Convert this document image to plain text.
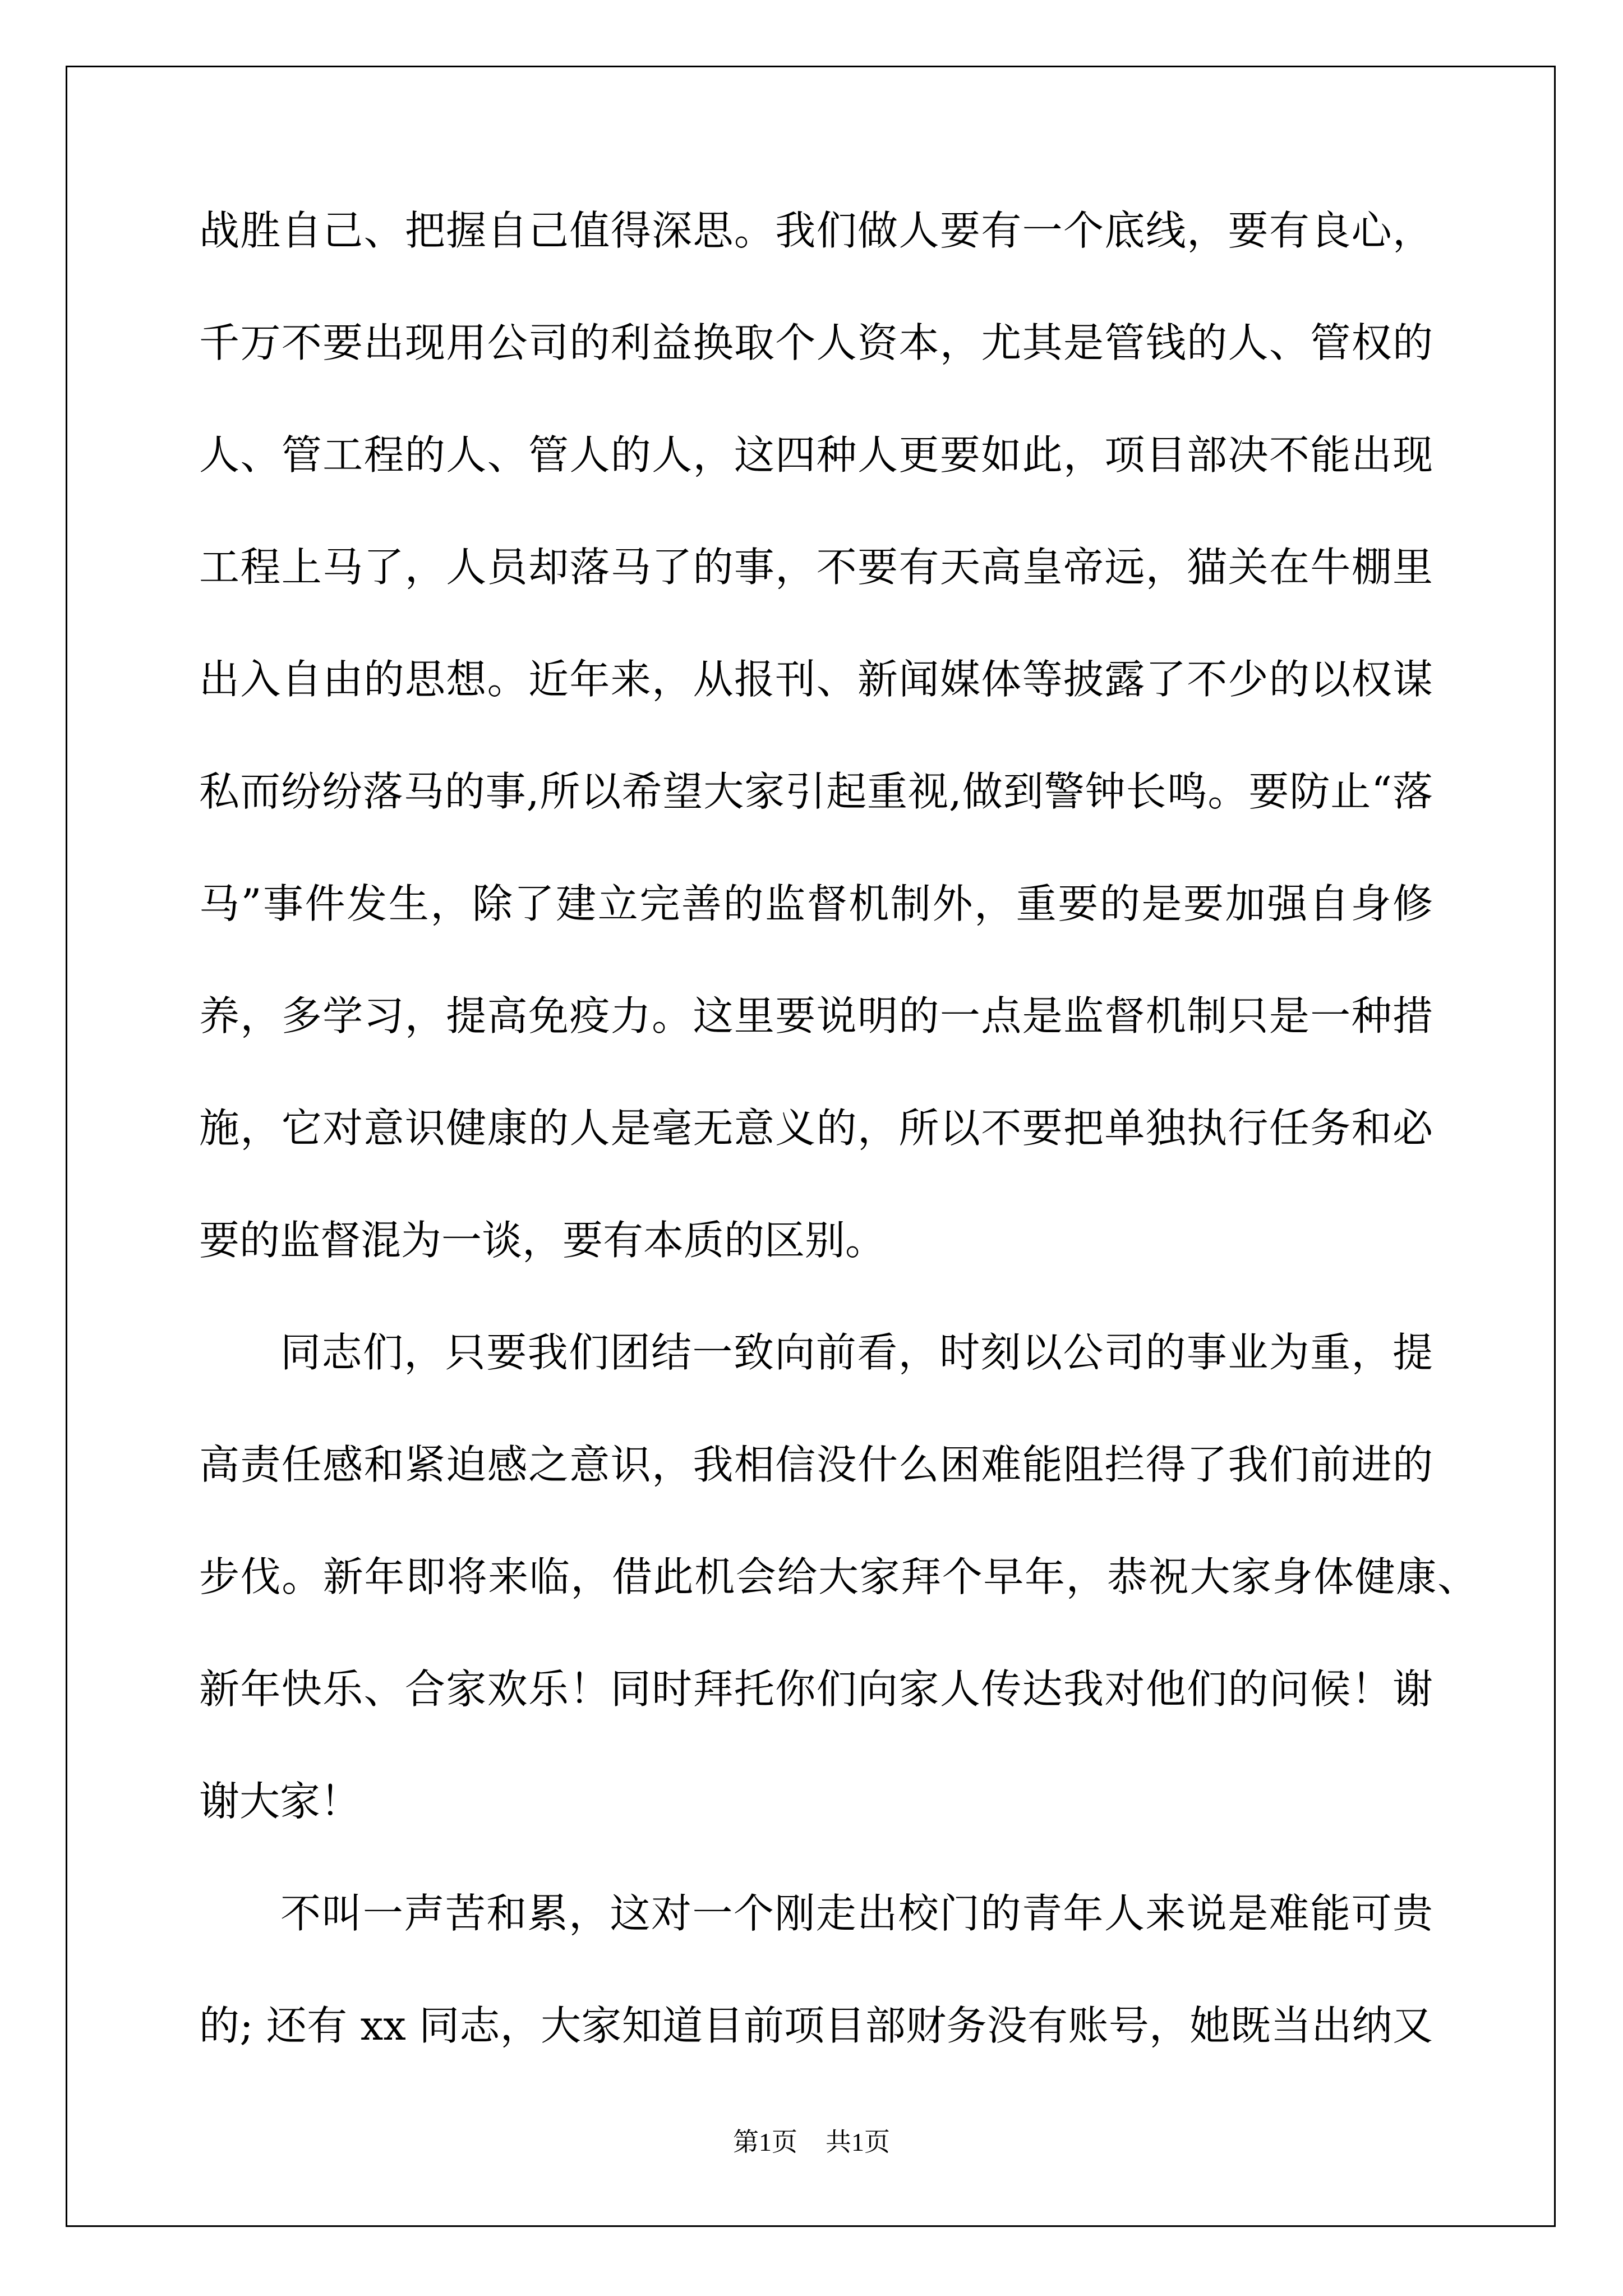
战胜自己、把握自己值得深思。我们做人要有一个底线，要有良心，
千万不要出现用公司的利益换取个人资本，尤其是管钱的人、管权的
人、管工程的人、管人的人，这四种人更要如此，项目部决不能出现
工程上马了，人员却落马了的事，不要有天高皇帝远，猫关在牛棚里
出入自由的思想。近年来，从报刊、新闻媒体等披露了不少的以权谋
私而纷纷落马的事,所以希望大家引起重视,做到警钟长鸣。要防止“落
马”事件发生，除了建立完善的监督机制外，重要的是要加强自身修
养，多学习，提高免疫力。这里要说明的一点是监督机制只是一种措
施，它对意识健康的人是毫无意义的，所以不要把单独执行任务和必
要的监督混为一谈，要有本质的区别。
同志们，只要我们团结一致向前看，时刻以公司的事业为重，提
高责任感和紧迫感之意识，我相信没什么困难能阻拦得了我们前进的
步伐。新年即将来临，借此机会给大家拜个早年，恭祝大家身体健康、
新年快乐、合家欢乐！同时拜托你们向家人传达我对他们的问候！谢
谢大家！
不叫一声苦和累，这对一个刚走出校门的青年人来说是难能可贵
的; 还有 xx 同志，大家知道目前项目部财务没有账号，她既当出纳又
第1页 共1页
